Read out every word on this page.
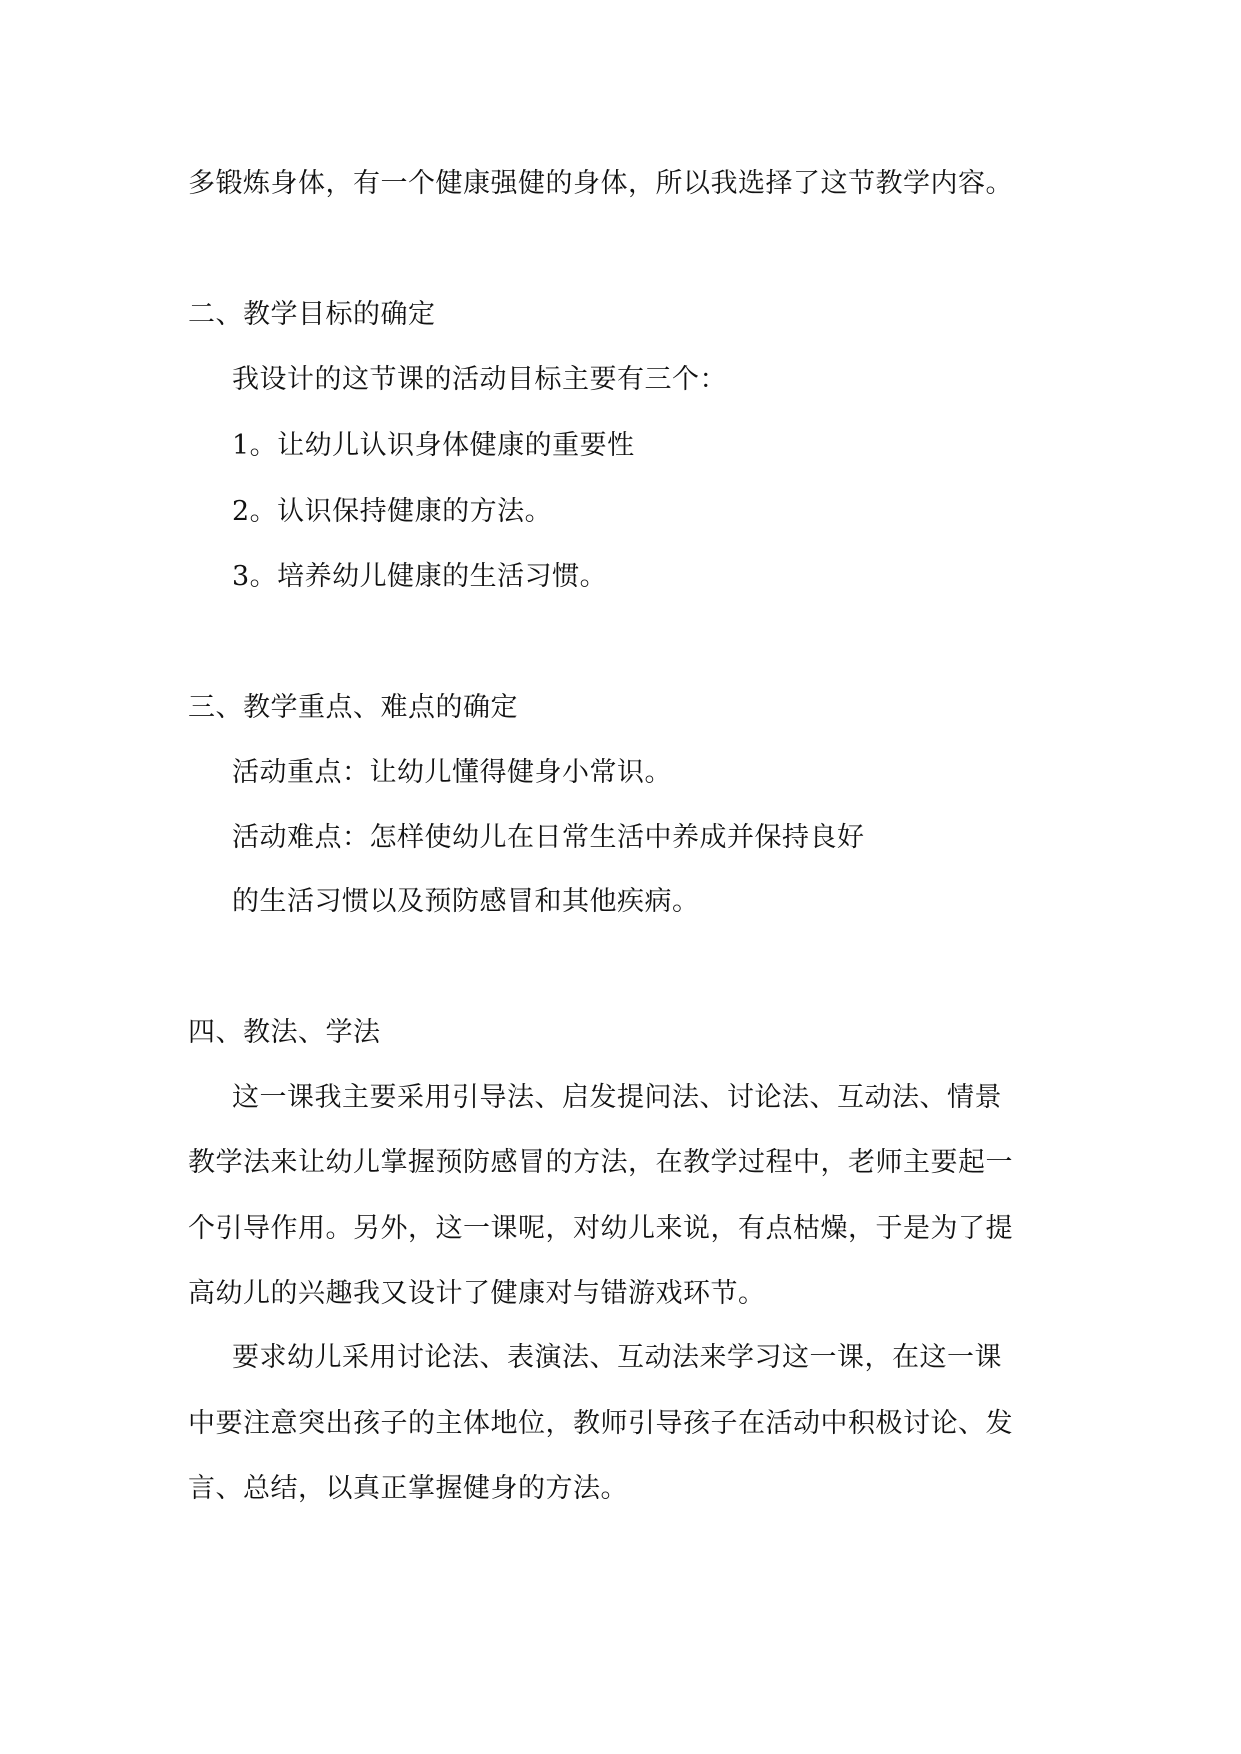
多锻炼身体，有一个健康强健的身体，所以我选择了这节教学内容。
二、教学目标的确定
我设计的这节课的活动目标主要有三个：
1。让幼儿认识身体健康的重要性
2。认识保持健康的方法。
3。培养幼儿健康的生活习惯。
三、教学重点、难点的确定
活动重点：让幼儿懂得健身小常识。
活动难点：怎样使幼儿在日常生活中养成并保持良好
的生活习惯以及预防感冒和其他疾病。
四、教法、学法
这一课我主要采用引导法、启发提问法、讨论法、互动法、情景
教学法来让幼儿掌握预防感冒的方法，在教学过程中，老师主要起一
个引导作用。另外，这一课呢，对幼儿来说，有点枯燥，于是为了提
高幼儿的兴趣我又设计了健康对与错游戏环节。
要求幼儿采用讨论法、表演法、互动法来学习这一课，在这一课
中要注意突出孩子的主体地位，教师引导孩子在活动中积极讨论、发
言、总结，以真正掌握健身的方法。
